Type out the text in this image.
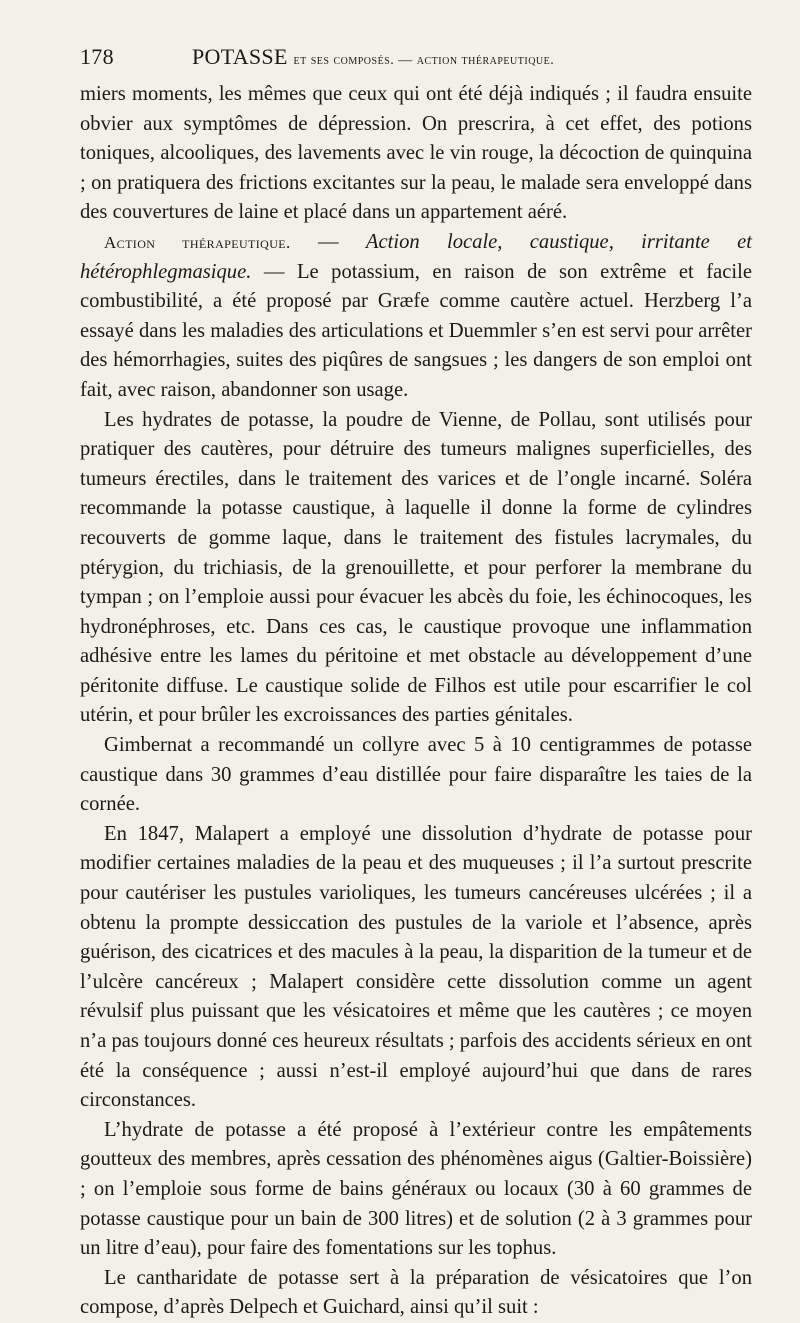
178	POTASSE et ses composés. — action thérapeutique.

miers moments, les mêmes que ceux qui ont été déjà indiqués ; il faudra ensuite obvier aux symptômes de dépression. On prescrira, à cet effet, des potions toniques, alcooliques, des lavements avec le vin rouge, la décoction de quinquina ; on pratiquera des frictions excitantes sur la peau, le malade sera enveloppé dans des couvertures de laine et placé dans un appartement aéré.

Action thérapeutique. — Action locale, caustique, irritante et hétérophlegmasique. — Le potassium, en raison de son extrême et facile combustibilité, a été proposé par Græfe comme cautère actuel. Herzberg l’a essayé dans les maladies des articulations et Duemmler s’en est servi pour arrêter des hémorrhagies, suites des piqûres de sangsues ; les dangers de son emploi ont fait, avec raison, abandonner son usage.

Les hydrates de potasse, la poudre de Vienne, de Pollau, sont utilisés pour pratiquer des cautères, pour détruire des tumeurs malignes superficielles, des tumeurs érectiles, dans le traitement des varices et de l’ongle incarné. Soléra recommande la potasse caustique, à laquelle il donne la forme de cylindres recouverts de gomme laque, dans le traitement des fistules lacrymales, du ptérygion, du trichiasis, de la grenouillette, et pour perforer la membrane du tympan ; on l’emploie aussi pour évacuer les abcès du foie, les échinocoques, les hydronéphroses, etc. Dans ces cas, le caustique provoque une inflammation adhésive entre les lames du péritoine et met obstacle au développement d’une péritonite diffuse. Le caustique solide de Filhos est utile pour escarrifier le col utérin, et pour brûler les excroissances des parties génitales.

Gimbernat a recommandé un collyre avec 5 à 10 centigrammes de potasse caustique dans 30 grammes d’eau distillée pour faire disparaître les taies de la cornée.

En 1847, Malapert a employé une dissolution d’hydrate de potasse pour modifier certaines maladies de la peau et des muqueuses ; il l’a surtout prescrite pour cautériser les pustules varioliques, les tumeurs cancéreuses ulcérées ; il a obtenu la prompte dessiccation des pustules de la variole et l’absence, après guérison, des cicatrices et des macules à la peau, la disparition de la tumeur et de l’ulcère cancéreux ; Malapert considère cette dissolution comme un agent révulsif plus puissant que les vésicatoires et même que les cautères ; ce moyen n’a pas toujours donné ces heureux résultats ; parfois des accidents sérieux en ont été la conséquence ; aussi n’est-il employé aujourd’hui que dans de rares circonstances.

L’hydrate de potasse a été proposé à l’extérieur contre les empâtements goutteux des membres, après cessation des phénomènes aigus (Galtier-Boissière) ; on l’emploie sous forme de bains généraux ou locaux (30 à 60 grammes de potasse caustique pour un bain de 300 litres) et de solution (2 à 3 grammes pour un litre d’eau), pour faire des fomentations sur les tophus.

Le cantharidate de potasse sert à la préparation de vésicatoires que l’on compose, d’après Delpech et Guichard, ainsi qu’il suit :
